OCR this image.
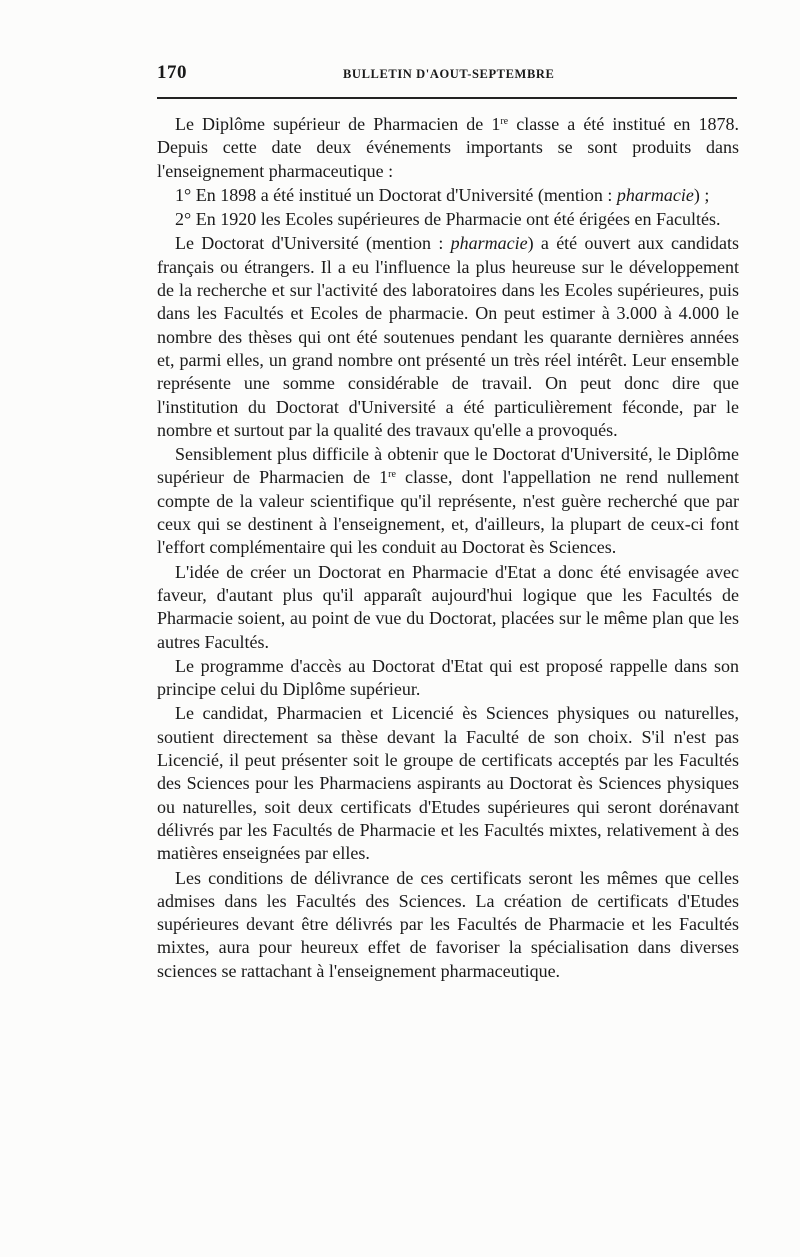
170	BULLETIN D'AOUT-SEPTEMBRE

Le Diplôme supérieur de Pharmacien de 1re classe a été institué en 1878. Depuis cette date deux événements importants se sont produits dans l'enseignement pharmaceutique :

1° En 1898 a été institué un Doctorat d'Université (mention : pharmacie) ;

2° En 1920 les Ecoles supérieures de Pharmacie ont été érigées en Facultés.

Le Doctorat d'Université (mention : pharmacie) a été ouvert aux candidats français ou étrangers. Il a eu l'influence la plus heureuse sur le développement de la recherche et sur l'activité des laboratoires dans les Ecoles supérieures, puis dans les Facultés et Ecoles de pharmacie. On peut estimer à 3.000 à 4.000 le nombre des thèses qui ont été soutenues pendant les quarante dernières années et, parmi elles, un grand nombre ont présenté un très réel intérêt. Leur ensemble représente une somme considérable de travail. On peut donc dire que l'institution du Doctorat d'Université a été particulièrement féconde, par le nombre et surtout par la qualité des travaux qu'elle a provoqués.

Sensiblement plus difficile à obtenir que le Doctorat d'Université, le Diplôme supérieur de Pharmacien de 1re classe, dont l'appellation ne rend nullement compte de la valeur scientifique qu'il représente, n'est guère recherché que par ceux qui se destinent à l'enseignement, et, d'ailleurs, la plupart de ceux-ci font l'effort complémentaire qui les conduit au Doctorat ès Sciences.

L'idée de créer un Doctorat en Pharmacie d'Etat a donc été envisagée avec faveur, d'autant plus qu'il apparaît aujourd'hui logique que les Facultés de Pharmacie soient, au point de vue du Doctorat, placées sur le même plan que les autres Facultés.

Le programme d'accès au Doctorat d'Etat qui est proposé rappelle dans son principe celui du Diplôme supérieur.

Le candidat, Pharmacien et Licencié ès Sciences physiques ou naturelles, soutient directement sa thèse devant la Faculté de son choix. S'il n'est pas Licencié, il peut présenter soit le groupe de certificats acceptés par les Facultés des Sciences pour les Pharmaciens aspirants au Doctorat ès Sciences physiques ou naturelles, soit deux certificats d'Etudes supérieures qui seront dorénavant délivrés par les Facultés de Pharmacie et les Facultés mixtes, relativement à des matières enseignées par elles.

Les conditions de délivrance de ces certificats seront les mêmes que celles admises dans les Facultés des Sciences. La création de certificats d'Etudes supérieures devant être délivrés par les Facultés de Pharmacie et les Facultés mixtes, aura pour heureux effet de favoriser la spécialisation dans diverses sciences se rattachant à l'enseignement pharmaceutique.
